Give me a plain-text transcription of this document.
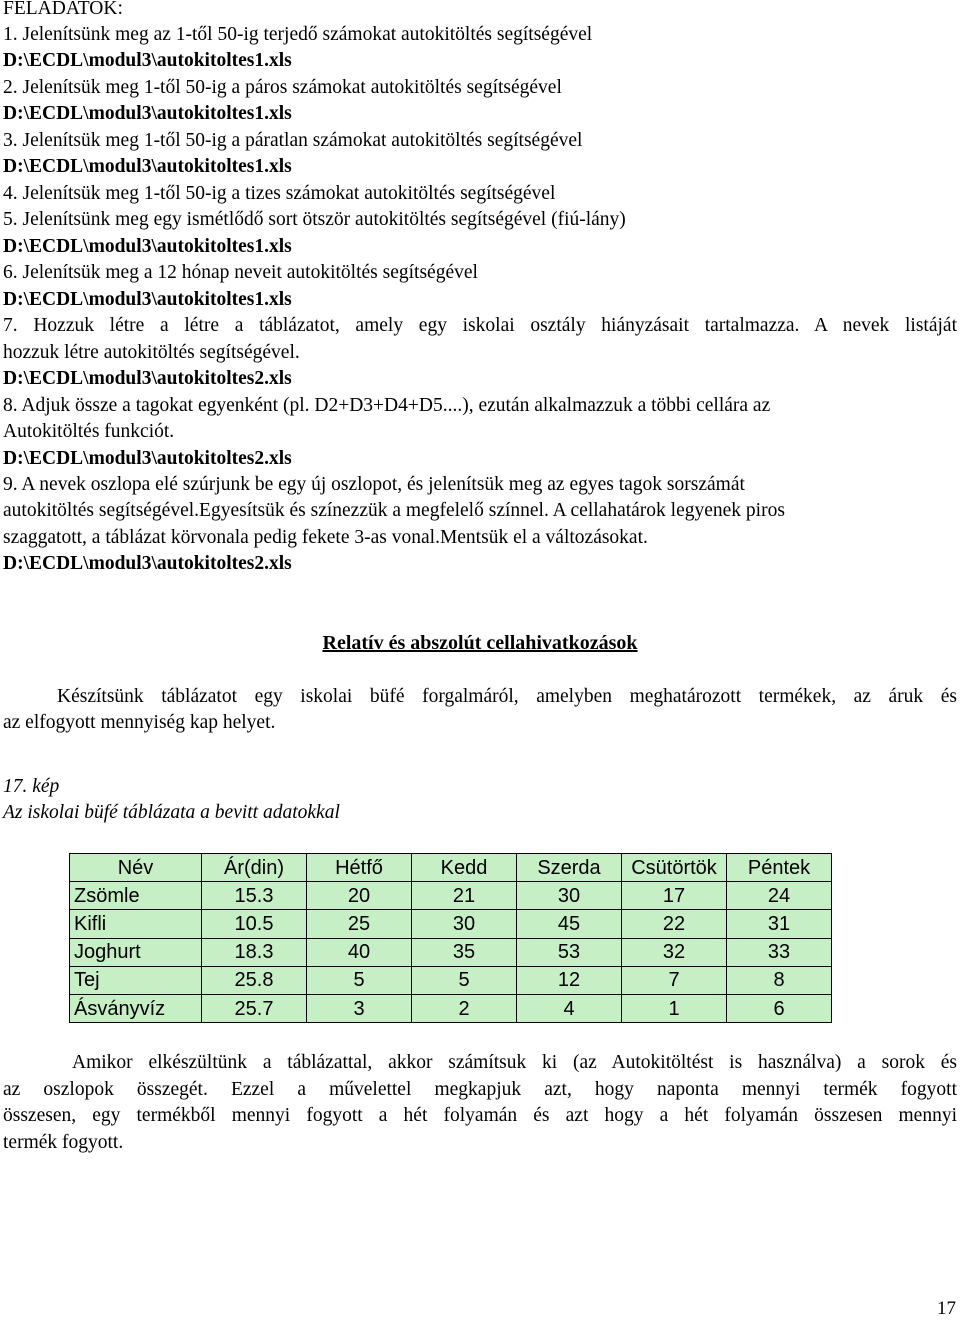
FELADATOK:
1. Jelenítsünk meg az 1-től 50-ig terjedő számokat autokitöltés segítségével
D:\ECDL\modul3\autokitoltes1.xls
2. Jelenítsük meg 1-től 50-ig a páros számokat autokitöltés segítségével
D:\ECDL\modul3\autokitoltes1.xls
3. Jelenítsük meg 1-től 50-ig a páratlan számokat autokitöltés segítségével
D:\ECDL\modul3\autokitoltes1.xls
4. Jelenítsük meg 1-től 50-ig a tizes számokat autokitöltés segítségével
5. Jelenítsünk meg egy ismétlődő sort ötször autokitöltés segítségével (fiú-lány)
D:\ECDL\modul3\autokitoltes1.xls
6. Jelenítsük meg a 12 hónap neveit autokitöltés segítségével
D:\ECDL\modul3\autokitoltes1.xls
7. Hozzuk létre a létre a táblázatot, amely egy iskolai osztály hiányzásait tartalmazza. A nevek listáját
hozzuk létre autokitöltés segítségével.
D:\ECDL\modul3\autokitoltes2.xls
8. Adjuk össze a tagokat egyenként (pl. D2+D3+D4+D5....), ezután alkalmazzuk a többi cellára az
Autokitöltés funkciót.
D:\ECDL\modul3\autokitoltes2.xls
9. A nevek oszlopa elé szúrjunk be egy új oszlopot, és jelenítsük meg az egyes tagok sorszámát
autokitöltés segítségével.Egyesítsük és színezzük a megfelelő színnel. A cellahatárok legyenek piros
szaggatott, a táblázat körvonala pedig fekete 3-as vonal.Mentsük el a változásokat.
D:\ECDL\modul3\autokitoltes2.xls
Relatív és abszolút cellahivatkozások
Készítsünk táblázatot egy iskolai büfé forgalmáról, amelyben meghatározott termékek, az áruk és
az elfogyott mennyiség kap helyet.
17. kép
Az iskolai büfé táblázata a bevitt adatokkal
Név	Ár(din)	Hétfő	Kedd	Szerda	Csütörtök	Péntek
Zsömle	15.3	20	21	30	17	24
Kifli	10.5	25	30	45	22	31
Joghurt	18.3	40	35	53	32	33
Tej	25.8	5	5	12	7	8
Ásványvíz	25.7	3	2	4	1	6
Amikor elkészültünk a táblázattal, akkor számítsuk ki (az Autokitöltést is használva) a sorok és
az oszlopok összegét. Ezzel a művelettel megkapjuk azt, hogy naponta mennyi termék fogyott
összesen, egy termékből mennyi fogyott a hét folyamán és azt hogy a hét folyamán összesen mennyi
termék fogyott.
17
